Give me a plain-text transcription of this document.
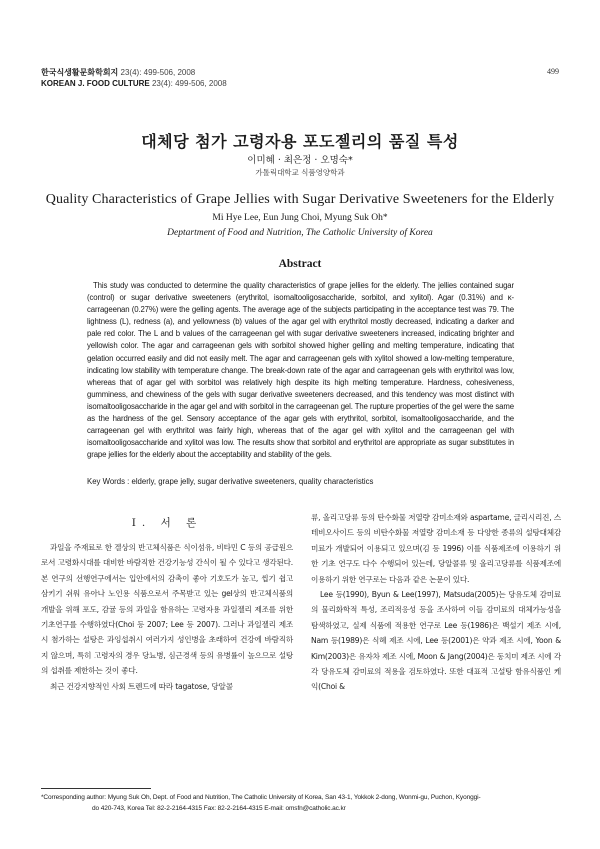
한국식생활문화학회지 23(4): 499-506, 2008
KOREAN J. FOOD CULTURE 23(4): 499-506, 2008
499
대체당 첨가 고령자용 포도젤리의 품질 특성
이미혜 · 최은정 · 오명숙*
가톨릭대학교 식품영양학과
Quality Characteristics of Grape Jellies with Sugar Derivative Sweeteners for the Elderly
Mi Hye Lee, Eun Jung Choi, Myung Suk Oh*
Deptartment of Food and Nutrition, The Catholic University of Korea
Abstract
This study was conducted to determine the quality characteristics of grape jellies for the elderly. The jellies contained sugar (control) or sugar derivative sweeteners (erythritol, isomaltooligosaccharide, sorbitol, and xylitol). Agar (0.31%) and κ-carrageenan (0.27%) were the gelling agents. The average age of the subjects participating in the acceptance test was 79. The lightness (L), redness (a), and yellowness (b) values of the agar gel with erythritol mostly decreased, indicating a darker and pale red color. The L and b values of the carrageenan gel with sugar derivative sweeteners increased, indicating brighter and yellowish color. The agar and carrageenan gels with sorbitol showed higher gelling and melting temperature, indicating that gelation occurred easily and did not easily melt. The agar and carrageenan gels with xylitol showed a low-melting temperature, indicating low stability with temperature change. The break-down rate of the agar and carrageenan gels with erythritol was low, whereas that of agar gel with sorbitol was relatively high despite its high melting temperature. Hardness, cohesiveness, gumminess, and chewiness of the gels with sugar derivative sweeteners decreased, and this tendency was most distinct with isomaltooligosaccharide in the agar gel and with sorbitol in the carrageenan gel. The rupture properties of the gel were the same as the hardness of the gel. Sensory acceptance of the agar gels with erythritol, sorbitol, isomaltooligosaccharide, and the carrageenan gel with erythritol was fairly high, whereas that of the agar gel with xylitol and the carrageenan gel with isomaltooligosaccharide and xylitol was low. The results show that sorbitol and erythritol are appropriate as sugar substitutes in grape jellies for the elderly about the acceptability and stability of the gels.
Key Words : elderly, grape jelly, sugar derivative sweeteners, quality characteristics
I. 서 론

과일을 주재료로 한 겔상의 반고체식품은 식이섬유, 비타민 C 등의 공급원으로서 고령화시대를 대비한 바람직한 건강기능성 간식이 될 수 있다고 생각된다. 본 연구의 선행연구에서는 입안에서의 감촉이 좋아 기호도가 높고, 씹기 쉽고 삼키기 쉬워 유아나 노인용 식품으로서 주목받고 있는 gel상의 반고체식품의 개발을 위해 포도, 감귤 등의 과일을 함유하는 고령자용 과일젤리 제조를 위한 기초연구를 수행하였다(Choi 등 2007; Lee 등 2007). 그러나 과일젤리 제조 시 첨가하는 설탕은 과잉섭취시 여러가지 성인병을 초래하여 건강에 바람직하지 않으며, 특히 고령자의 경우 당뇨병, 심근경색 등의 유병률이 높으므로 설탕의 섭취를 제한하는 것이 좋다.

최근 건강지향적인 사회 트렌드에 따라 tagatose, 당알콜

류, 올리고당류 등의 탄수화물 저열량 감미소재와 aspartame, 글리시리진, 스테비오사이드 등의 비탄수화물 저열량 감미소재 등 다양한 종류의 설탕대체감미료가 개발되어 이용되고 있으며(김 등 1996) 이를 식품제조에 이용하기 위한 기초 연구도 다수 수행되어 있는데, 당알콜류 및 올리고당류를 식품제조에 이용하기 위한 연구로는 다음과 같은 논문이 있다.

Lee 등(1990), Byun & Lee(1997), Matsuda(2005)는 당유도체 감미료의 물리화학적 특성, 조리적응성 등을 조사하여 이들 감미료의 대체가능성을 탐색하였고, 실제 식품에 적용한 연구로 Lee 등(1986)은 백설기 제조 시에, Nam 등(1989)은 식혜 제조 시에, Lee 등(2001)은 약과 제조 시에, Yoon & Kim(2003)은 유자차 제조 시에, Moon & Jang(2004)은 동치미 제조 시에 각각 당유도체 감미료의 적용을 검토하였다. 또한 대표적 고설탕 함유식품인 케익(Choi &

*Corresponding author: Myung Suk Oh, Dept. of Food and Nutrition, The Catholic University of Korea, San 43-1, Yokkok 2-dong, Wonmi-gu, Puchon, Kyonggi-
do 420-743, Korea Tel: 82-2-2164-4315 Fax: 82-2-2164-4315 E-mail: omsfn@catholic.ac.kr
